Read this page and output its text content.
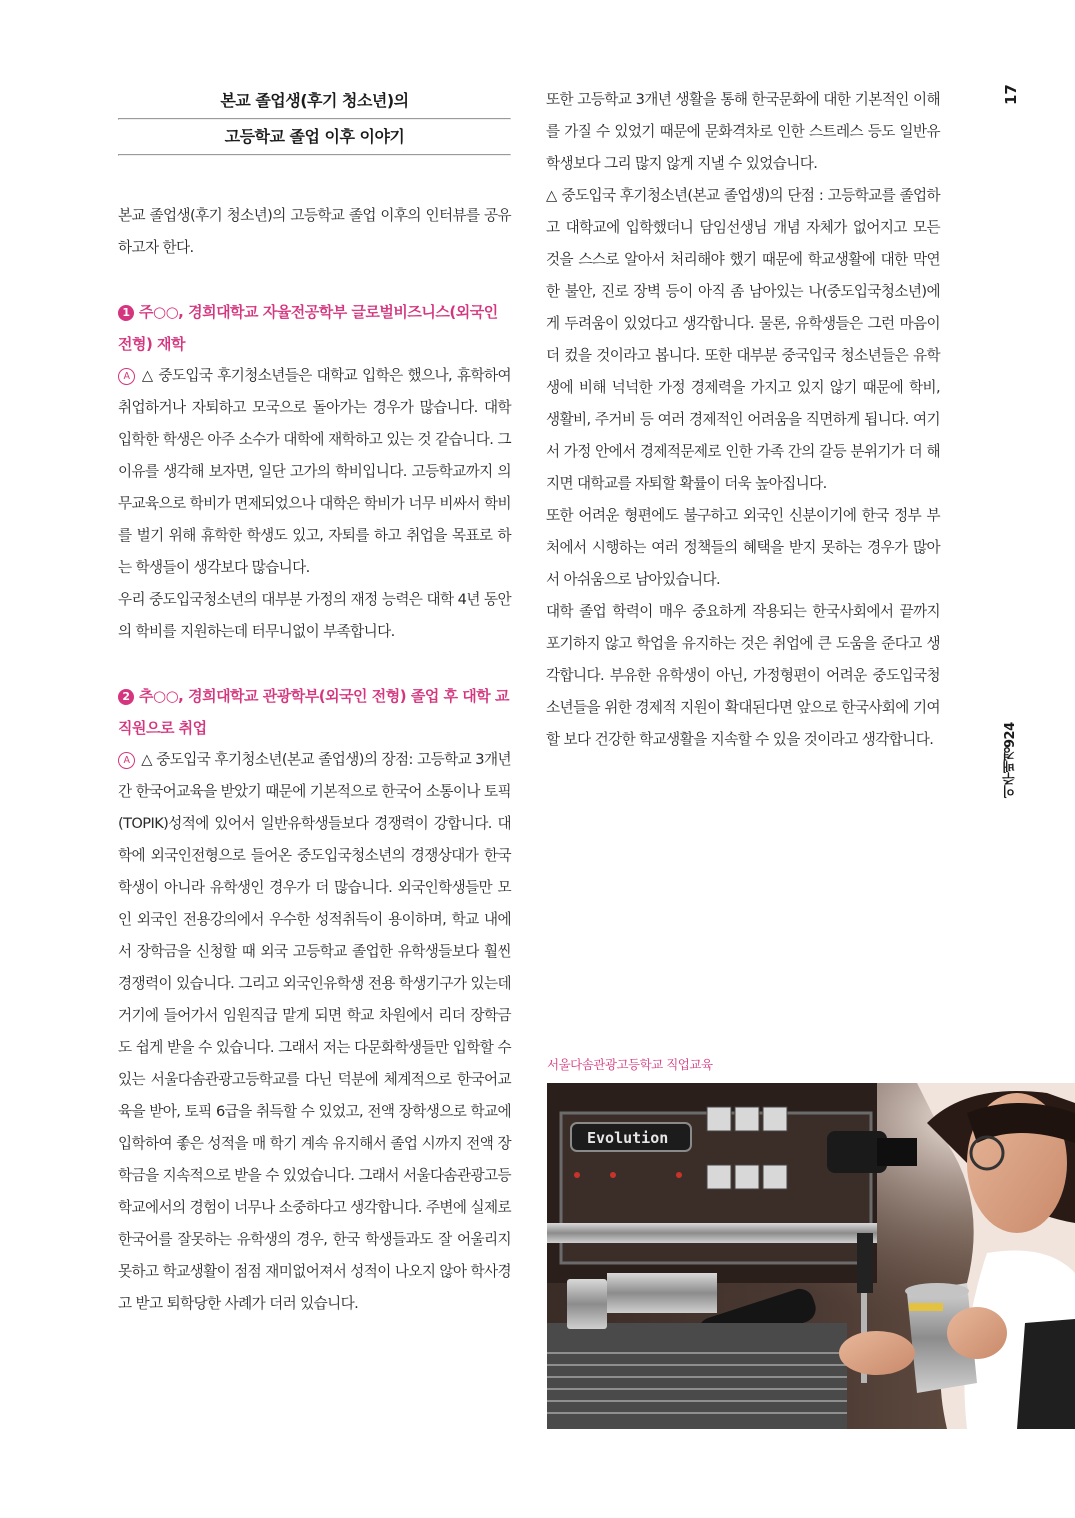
본교 졸업생(후기 청소년)의
고등학교 졸업 이후 이야기

본교 졸업생(후기 청소년)의 고등학교 졸업 이후의 인터뷰를 공유하고자 한다.

1 주○○, 경희대학교 자율전공학부 글로벌비즈니스(외국인 전형) 재학

A △ 중도입국 후기청소년들은 대학교 입학은 했으나, 휴학하여 취업하거나 자퇴하고 모국으로 돌아가는 경우가 많습니다. 대학 입학한 학생은 아주 소수가 대학에 재학하고 있는 것 같습니다. 그 이유를 생각해 보자면, 일단 고가의 학비입니다. 고등학교까지 의무교육으로 학비가 면제되었으나 대학은 학비가 너무 비싸서 학비를 벌기 위해 휴학한 학생도 있고, 자퇴를 하고 취업을 목표로 하는 학생들이 생각보다 많습니다.

우리 중도입국청소년의 대부분 가정의 재정 능력은 대학 4년 동안의 학비를 지원하는데 터무니없이 부족합니다.

2 추○○, 경희대학교 관광학부(외국인 전형) 졸업 후 대학 교직원으로 취업

A △ 중도입국 후기청소년(본교 졸업생)의 장점: 고등학교 3개년간 한국어교육을 받았기 때문에 기본적으로 한국어 소통이나 토픽(TOPIK)성적에 있어서 일반유학생들보다 경쟁력이 강합니다. 대학에 외국인전형으로 들어온 중도입국청소년의 경쟁상대가 한국학생이 아니라 유학생인 경우가 더 많습니다. 외국인학생들만 모인 외국인 전용강의에서 우수한 성적취득이 용이하며, 학교 내에서 장학금을 신청할 때 외국 고등학교 졸업한 유학생들보다 훨씬 경쟁력이 있습니다. 그리고 외국인유학생 전용 학생기구가 있는데 거기에 들어가서 임원직급 맡게 되면 학교 차원에서 리더 장학금도 쉽게 받을 수 있습니다. 그래서 저는 다문화학생들만 입학할 수 있는 서울다솜관광고등학교를 다닌 덕분에 체계적으로 한국어교육을 받아, 토픽 6급을 취득할 수 있었고, 전액 장학생으로 학교에 입학하여 좋은 성적을 매 학기 계속 유지해서 졸업 시까지 전액 장학금을 지속적으로 받을 수 있었습니다. 그래서 서울다솜관광고등학교에서의 경험이 너무나 소중하다고 생각합니다. 주변에 실제로 한국어를 잘못하는 유학생의 경우, 한국 학생들과도 잘 어울리지 못하고 학교생활이 점점 재미없어져서 성적이 나오지 않아 학사경고 받고 퇴학당한 사례가 더러 있습니다.

또한 고등학교 3개년 생활을 통해 한국문화에 대한 기본적인 이해를 가질 수 있었기 때문에 문화격차로 인한 스트레스 등도 일반유학생보다 그리 많지 않게 지낼 수 있었습니다.

△ 중도입국 후기청소년(본교 졸업생)의 단점 : 고등학교를 졸업하고 대학교에 입학했더니 담임선생님 개념 자체가 없어지고 모든 것을 스스로 알아서 처리해야 했기 때문에 학교생활에 대한 막연한 불안, 진로 장벽 등이 아직 좀 남아있는 나(중도입국청소년)에게 두려움이 있었다고 생각합니다. 물론, 유학생들은 그런 마음이 더 컸을 것이라고 봅니다. 또한 대부분 중국입국 청소년들은 유학생에 비해 넉넉한 가정 경제력을 가지고 있지 않기 때문에 학비, 생활비, 주거비 등 여러 경제적인 어려움을 직면하게 됩니다. 여기서 가정 안에서 경제적문제로 인한 가족 간의 갈등 분위기가 더 해지면 대학교를 자퇴할 확률이 더욱 높아집니다.

또한 어려운 형편에도 불구하고 외국인 신분이기에 한국 정부 부처에서 시행하는 여러 정책들의 혜택을 받지 못하는 경우가 많아서 아쉬움으로 남아있습니다.

대학 졸업 학력이 매우 중요하게 작용되는 한국사회에서 끝까지 포기하지 않고 학업을 유지하는 것은 취업에 큰 도움을 준다고 생각합니다. 부유한 유학생이 아닌, 가정형편이 어려운 중도입국청소년들을 위한 경제적 지원이 확대된다면 앞으로 한국사회에 기여할 보다 건강한 학교생활을 지속할 수 있을 것이라고 생각합니다.

17
이주배경924
서울다솜관광고등학교 직업교육
Evolution
